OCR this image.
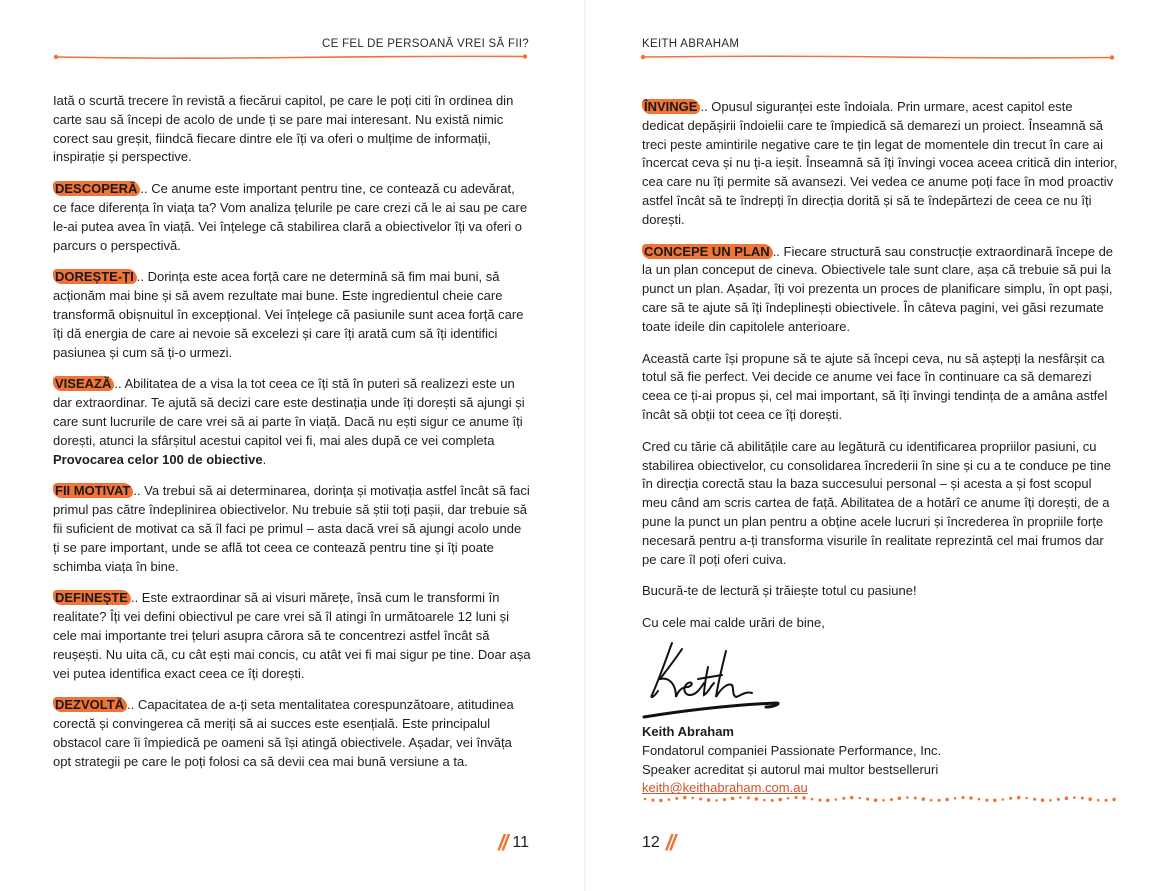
CE FEL DE PERSOANĂ VREI SĂ FII?

Iată o scurtă trecere în revistă a fiecărui capitol, pe care le poți citi în ordinea din carte sau să începi de acolo de unde ți se pare mai interesant. Nu există nimic corect sau greșit, fiindcă fiecare dintre ele îți va oferi o mulțime de informații, inspirație și perspective.

DESCOPERĂ .. Ce anume este important pentru tine, ce contează cu adevărat, ce face diferența în viața ta? Vom analiza țelurile pe care crezi că le ai sau pe care le-ai putea avea în viață. Vei înțelege că stabilirea clară a obiectivelor îți va oferi o parcurs o perspectivă.

DOREȘTE-ȚI .. Dorința este acea forță care ne determină să fim mai buni, să acționăm mai bine și să avem rezultate mai bune. Este ingredientul cheie care transformă obișnuitul în excepțional. Vei înțelege că pasiunile sunt acea forță care îți dă energia de care ai nevoie să excelezi și care îți arată cum să îți identifici pasiunea și cum să ți-o urmezi.

VISEAZĂ .. Abilitatea de a visa la tot ceea ce îți stă în puteri să realizezi este un dar extraordinar. Te ajută să decizi care este destinația unde îți dorești să ajungi și care sunt lucrurile de care vrei să ai parte în viață. Dacă nu ești sigur ce anume îți dorești, atunci la sfârșitul acestui capitol vei fi, mai ales după ce vei completa Provocarea celor 100 de obiective.

FII MOTIVAT .. Va trebui să ai determinarea, dorința și motivația astfel încât să faci primul pas către îndeplinirea obiectivelor. Nu trebuie să știi toți pașii, dar trebuie să fii suficient de motivat ca să îl faci pe primul – asta dacă vrei să ajungi acolo unde ți se pare important, unde se află tot ceea ce contează pentru tine și îți poate schimba viața în bine.

DEFINEȘTE .. Este extraordinar să ai visuri mărețe, însă cum le transformi în realitate? Îți vei defini obiectivul pe care vrei să îl atingi în următoarele 12 luni și cele mai importante trei țeluri asupra cărora să te concentrezi astfel încât să reușești. Nu uita că, cu cât ești mai concis, cu atât vei fi mai sigur pe tine. Doar așa vei putea identifica exact ceea ce îți dorești.

DEZVOLTĂ .. Capacitatea de a-ți seta mentalitatea corespunzătoare, atitudinea corectă și convingerea că meriți să ai succes este esențială. Este principalul obstacol care îi împiedică pe oameni să își atingă obiectivele. Așadar, vei învăța opt strategii pe care le poți folosi ca să devii cea mai bună versiune a ta.

// 11
KEITH ABRAHAM

ÎNVINGE .. Opusul siguranței este îndoiala. Prin urmare, acest capitol este dedicat depășirii îndoielii care te împiedică să demarezi un proiect. Înseamnă să treci peste amintirile negative care te țin legat de momentele din trecut în care ai încercat ceva și nu ți-a ieșit. Înseamnă să îți învingi vocea aceea critică din interior, cea care nu îți permite să avansezi. Vei vedea ce anume poți face în mod proactiv astfel încât să te îndrepți în direcția dorită și să te îndepărtezi de ceea ce nu îți dorești.

CONCEPE UN PLAN .. Fiecare structură sau construcție extraordinară începe de la un plan conceput de cineva. Obiectivele tale sunt clare, așa că trebuie să pui la punct un plan. Așadar, îți voi prezenta un proces de planificare simplu, în opt pași, care să te ajute să îți îndeplinești obiectivele. În câteva pagini, vei găsi rezumate toate ideile din capitolele anterioare.

Această carte își propune să te ajute să începi ceva, nu să aștepți la nesfârșit ca totul să fie perfect. Vei decide ce anume vei face în continuare ca să demarezi ceea ce ți-ai propus și, cel mai important, să îți învingi tendința de a amâna astfel încât să obții tot ceea ce îți dorești.

Cred cu tărie că abilitățile care au legătură cu identificarea propriilor pasiuni, cu stabilirea obiectivelor, cu consolidarea încrederii în sine și cu a te conduce pe tine în direcția corectă stau la baza succesului personal – și acesta a și fost scopul meu când am scris cartea de față. Abilitatea de a hotărî ce anume îți dorești, de a pune la punct un plan pentru a obține acele lucruri și încrederea în propriile forțe necesară pentru a-ți transforma visurile în realitate reprezintă cel mai frumos dar pe care îl poți oferi cuiva.

Bucură-te de lectură și trăiește totul cu pasiune!

Cu cele mai calde urări de bine,

Keith Abraham
Fondatorul companiei Passionate Performance, Inc.
Speaker acreditat și autorul mai multor bestselleruri
keith@keithabraham.com.au
12 //
